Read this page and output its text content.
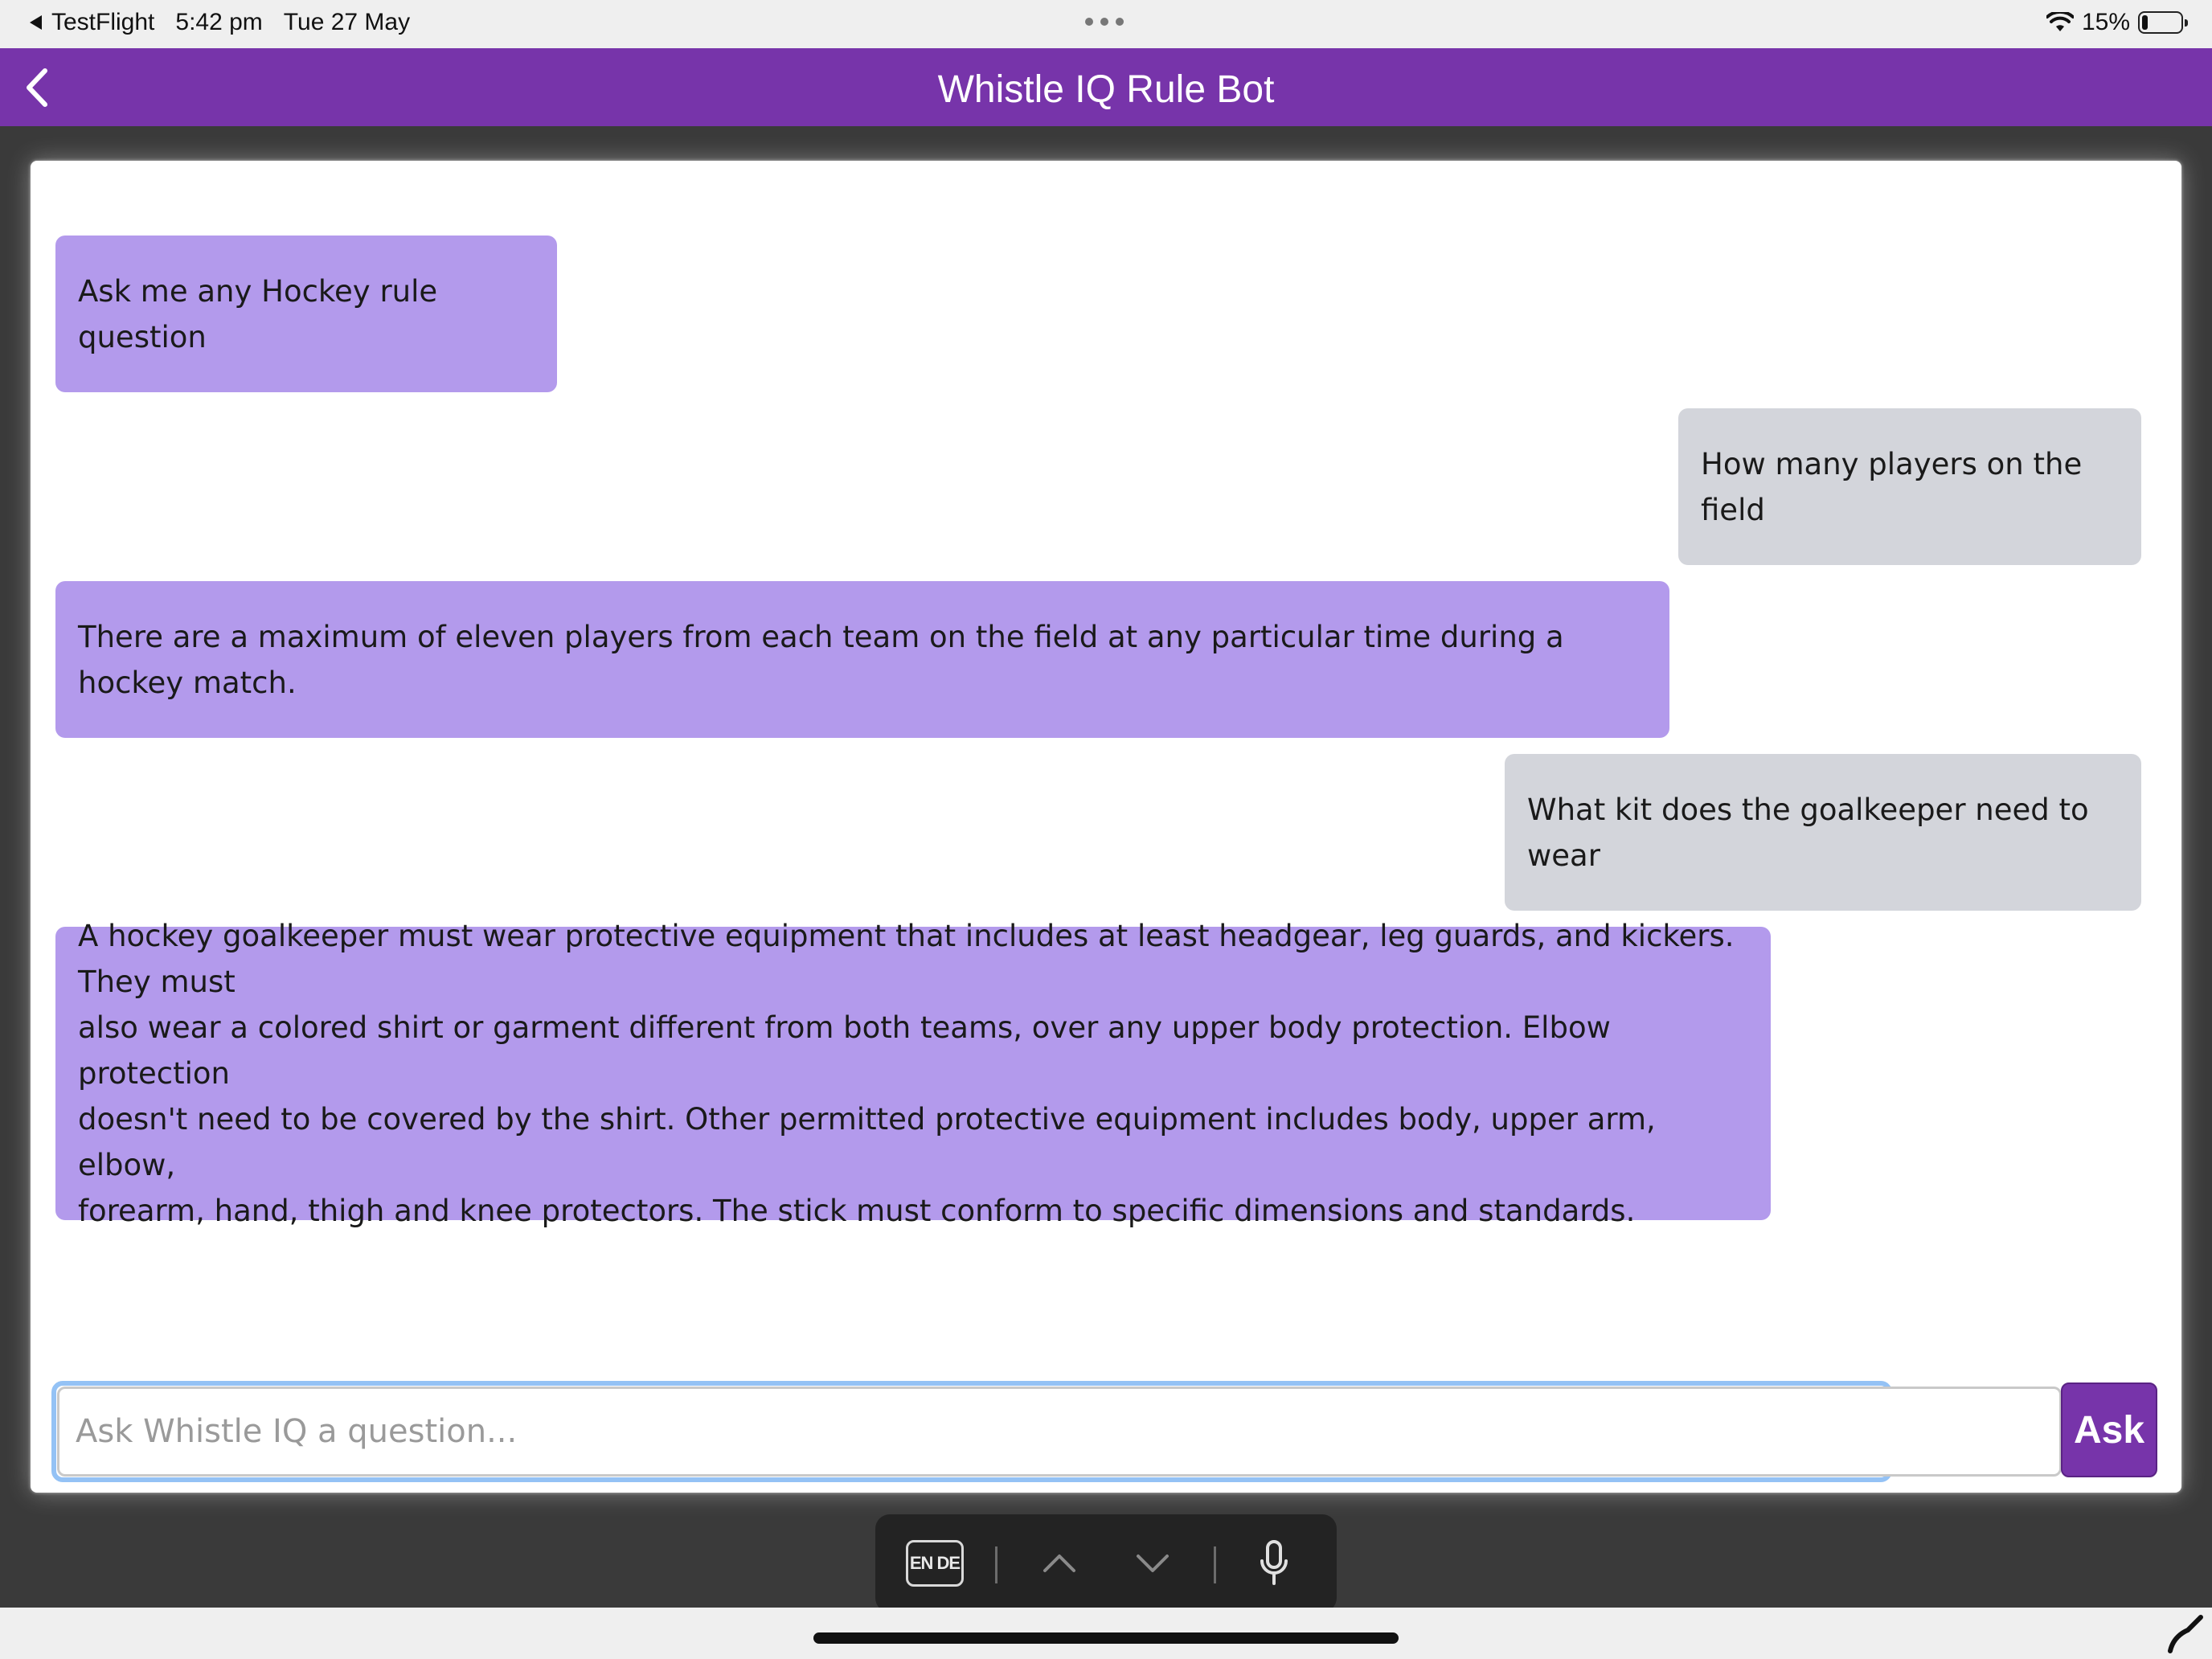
TestFlight 5:42 pm Tue 27 May	15%
Whistle IQ Rule Bot
Ask me any Hockey rule question
How many players on the field
There are a maximum of eleven players from each team on the field at any particular time during a hockey match.
What kit does the goalkeeper need to wear
A hockey goalkeeper must wear protective equipment that includes at least headgear, leg guards, and kickers. They must
also wear a colored shirt or garment different from both teams, over any upper body protection. Elbow protection
doesn't need to be covered by the shirt. Other permitted protective equipment includes body, upper arm, elbow,
forearm, hand, thigh and knee protectors. The stick must conform to specific dimensions and standards.
Ask Whistle IQ a question...
Ask
EN DE
